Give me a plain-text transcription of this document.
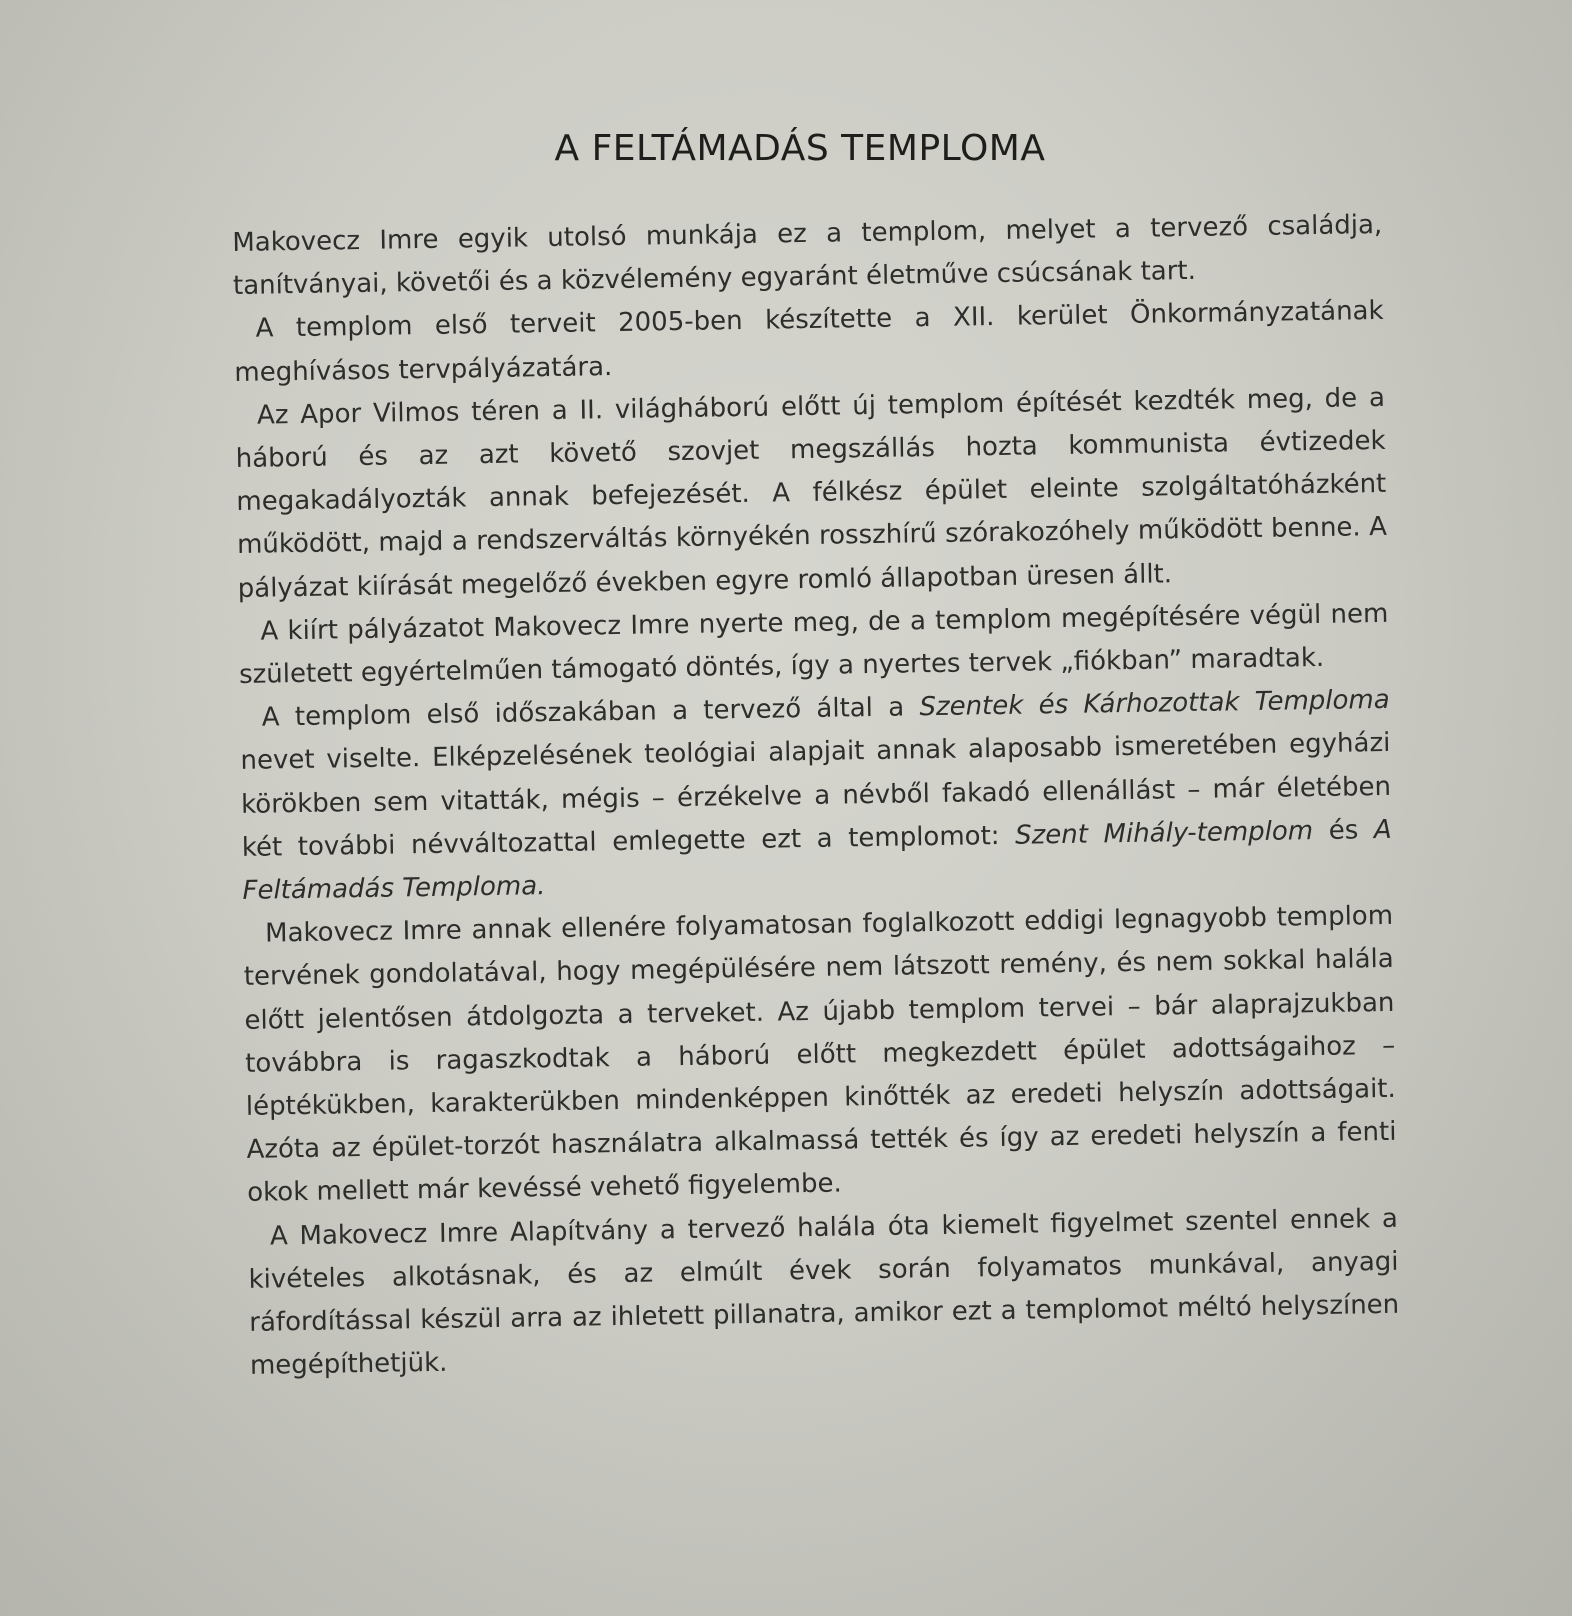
A FELTÁMADÁS TEMPLOMA

Makovecz Imre egyik utolsó munkája ez a templom, melyet a tervező családja, tanítványai, követői és a közvélemény egyaránt életműve csúcsának tart.

A templom első terveit 2005-ben készítette a XII. kerület Önkormányzatának meghívásos tervpályázatára.

Az Apor Vilmos téren a II. világháború előtt új templom építését kezdték meg, de a háború és az azt követő szovjet megszállás hozta kommunista évtizedek megakadályozták annak befejezését. A félkész épület eleinte szolgáltatóházként működött, majd a rendszerváltás környékén rosszhírű szórakozóhely működött benne. A pályázat kiírását megelőző években egyre romló állapotban üresen állt.

A kiírt pályázatot Makovecz Imre nyerte meg, de a templom megépítésére végül nem született egyértelműen támogató döntés, így a nyertes tervek „fiókban” maradtak.

A templom első időszakában a tervező által a Szentek és Kárhozottak Temploma nevet viselte. Elképzelésének teológiai alapjait annak alaposabb ismeretében egyházi körökben sem vitatták, mégis – érzékelve a névből fakadó ellenállást – már életében két további névváltozattal emlegette ezt a templomot: Szent Mihály-templom és A Feltámadás Temploma.

Makovecz Imre annak ellenére folyamatosan foglalkozott eddigi legnagyobb templom tervének gondolatával, hogy megépülésére nem látszott remény, és nem sokkal halála előtt jelentősen átdolgozta a terveket. Az újabb templom tervei – bár alaprajzukban továbbra is ragaszkodtak a háború előtt megkezdett épület adottságaihoz – léptékükben, karakterükben mindenképpen kinőtték az eredeti helyszín adottságait. Azóta az épület-torzót használatra alkalmassá tették és így az eredeti helyszín a fenti okok mellett már kevéssé vehető figyelembe.

A Makovecz Imre Alapítvány a tervező halála óta kiemelt figyelmet szentel ennek a kivételes alkotásnak, és az elmúlt évek során folyamatos munkával, anyagi ráfordítással készül arra az ihletett pillanatra, amikor ezt a templomot méltó helyszínen megépíthetjük.
